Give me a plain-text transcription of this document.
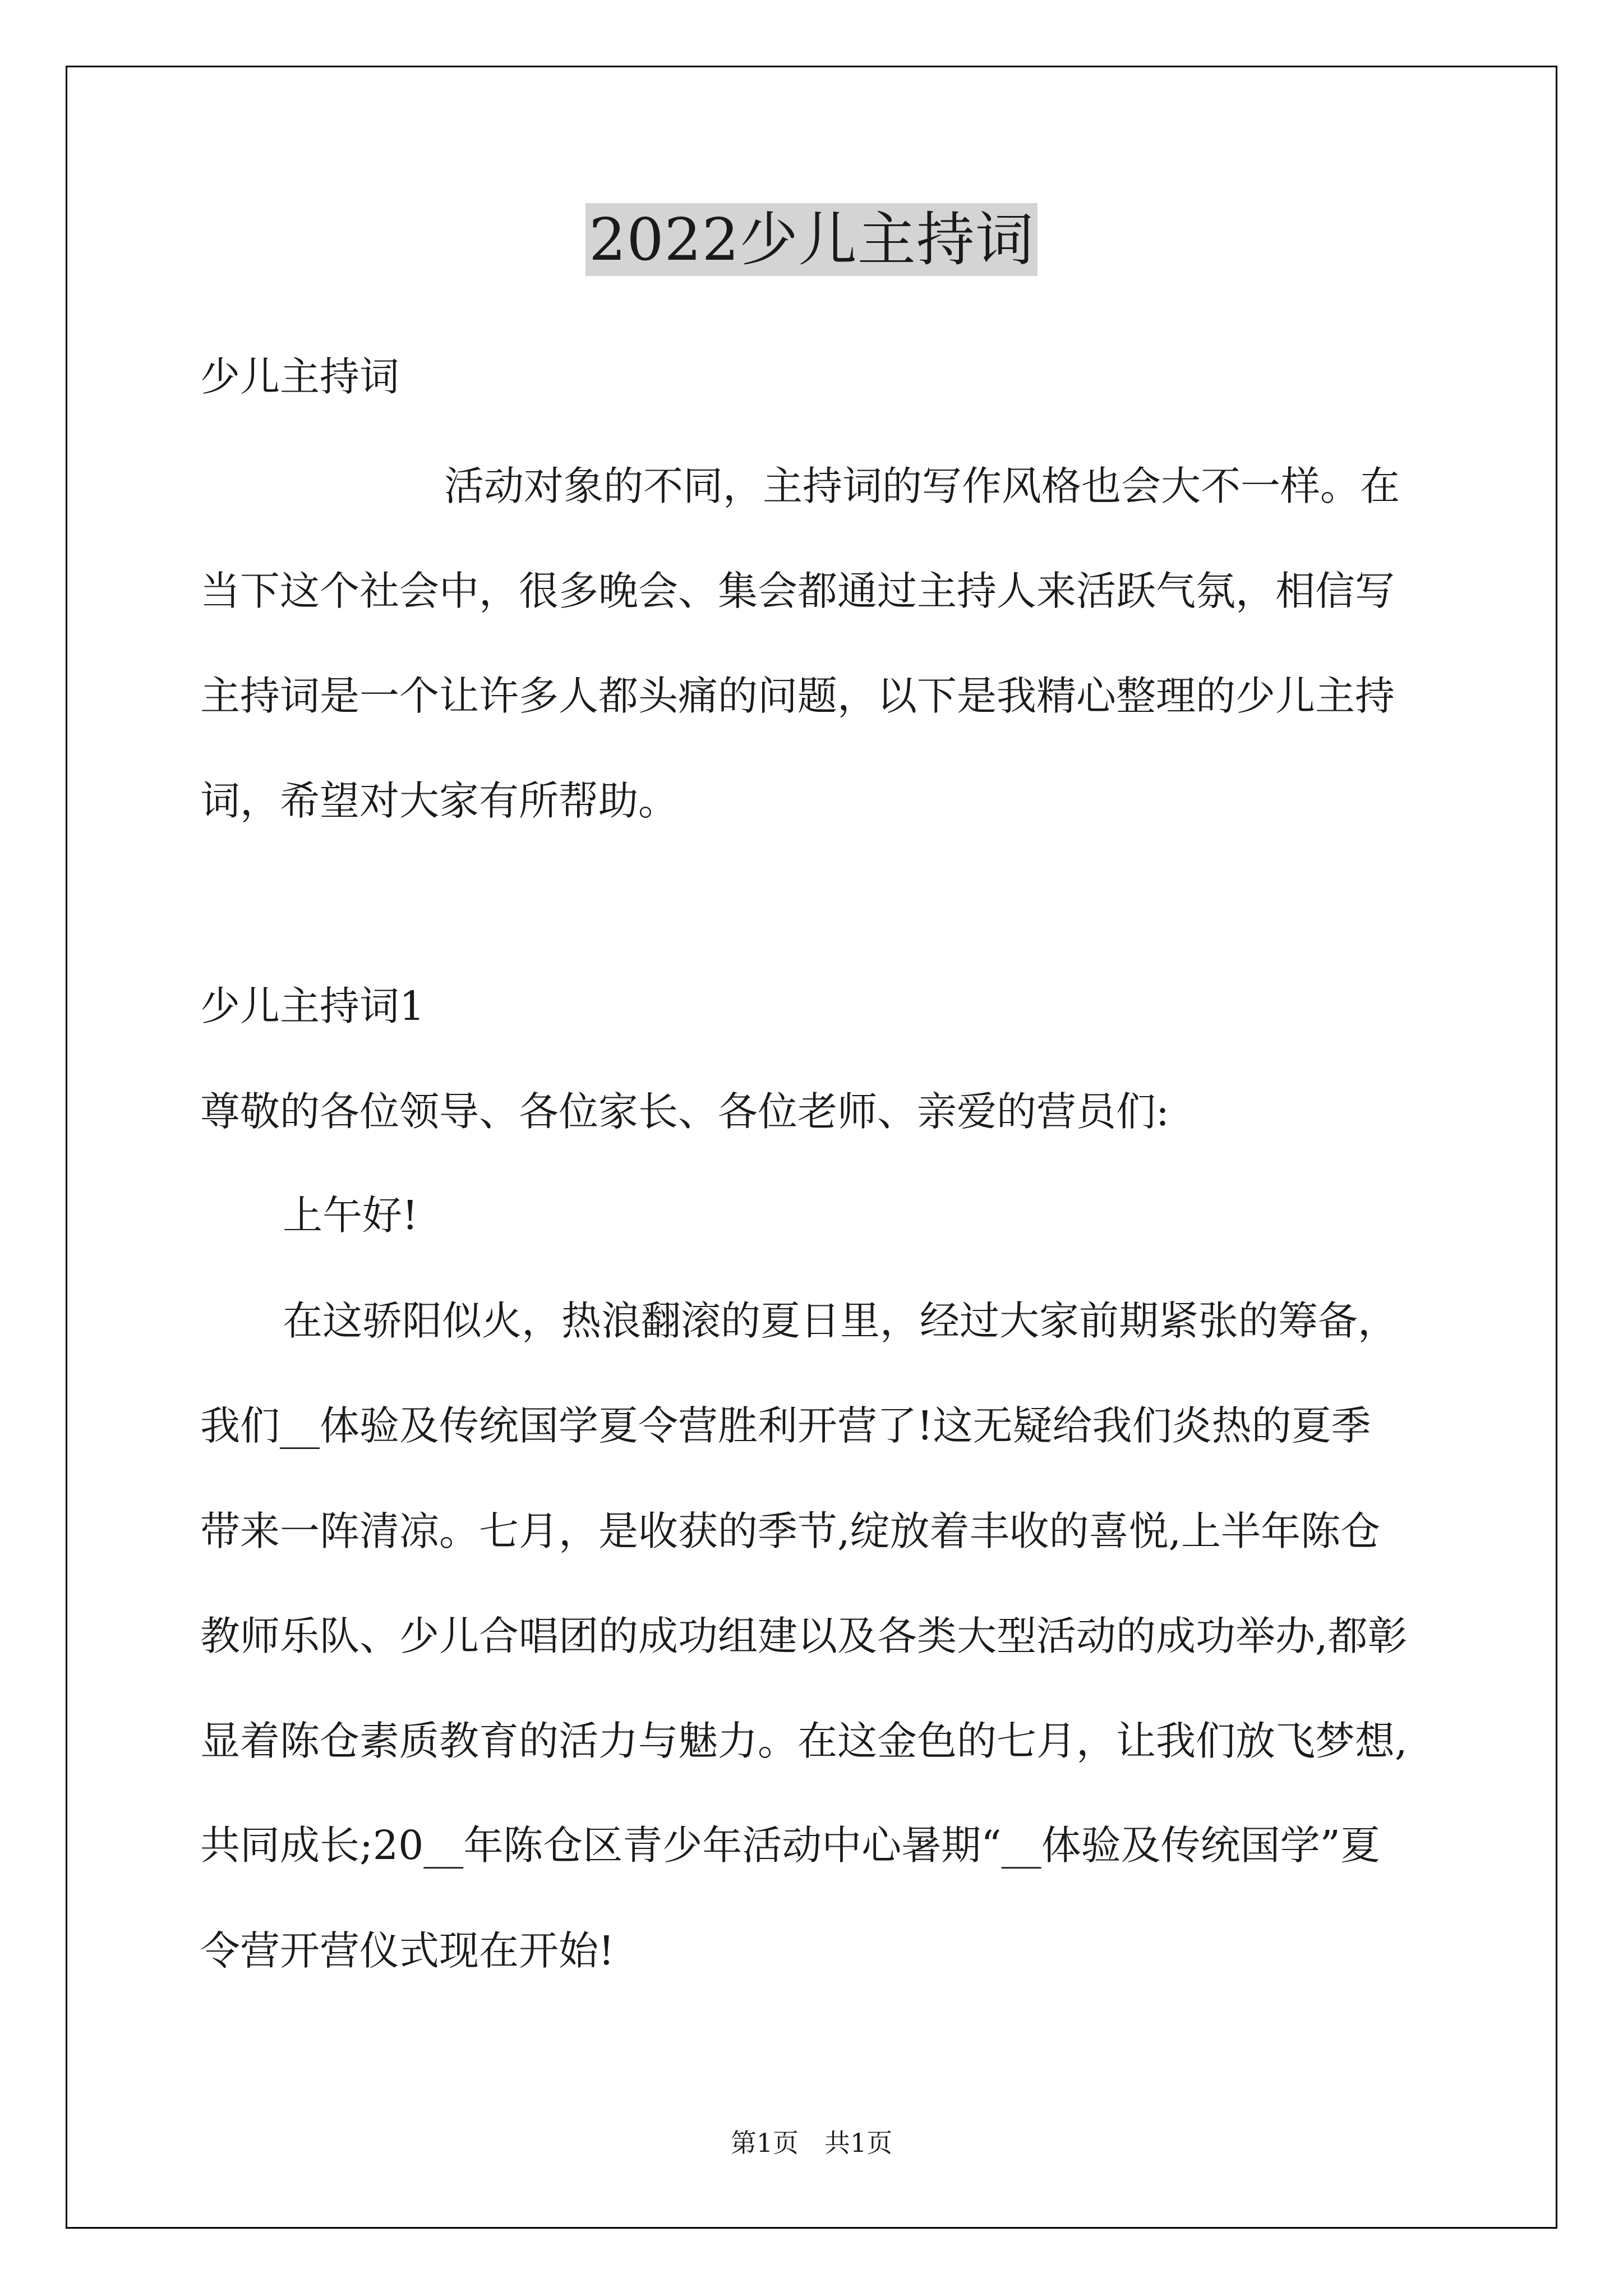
2022少儿主持词
少儿主持词
活动对象的不同，主持词的写作风格也会大不一样。在
当下这个社会中，很多晚会、集会都通过主持人来活跃气氛，相信写
主持词是一个让许多人都头痛的问题，以下是我精心整理的少儿主持
词，希望对大家有所帮助。
少儿主持词1
尊敬的各位领导、各位家长、各位老师、亲爱的营员们:
上午好!
在这骄阳似火，热浪翻滚的夏日里，经过大家前期紧张的筹备，
我们__体验及传统国学夏令营胜利开营了!这无疑给我们炎热的夏季
带来一阵清凉。七月，是收获的季节,绽放着丰收的喜悦,上半年陈仓
教师乐队、少儿合唱团的成功组建以及各类大型活动的成功举办,都彰
显着陈仓素质教育的活力与魅力。在这金色的七月，让我们放飞梦想,
共同成长;20__年陈仓区青少年活动中心暑期“__体验及传统国学”夏
令营开营仪式现在开始!
第1页　共1页
